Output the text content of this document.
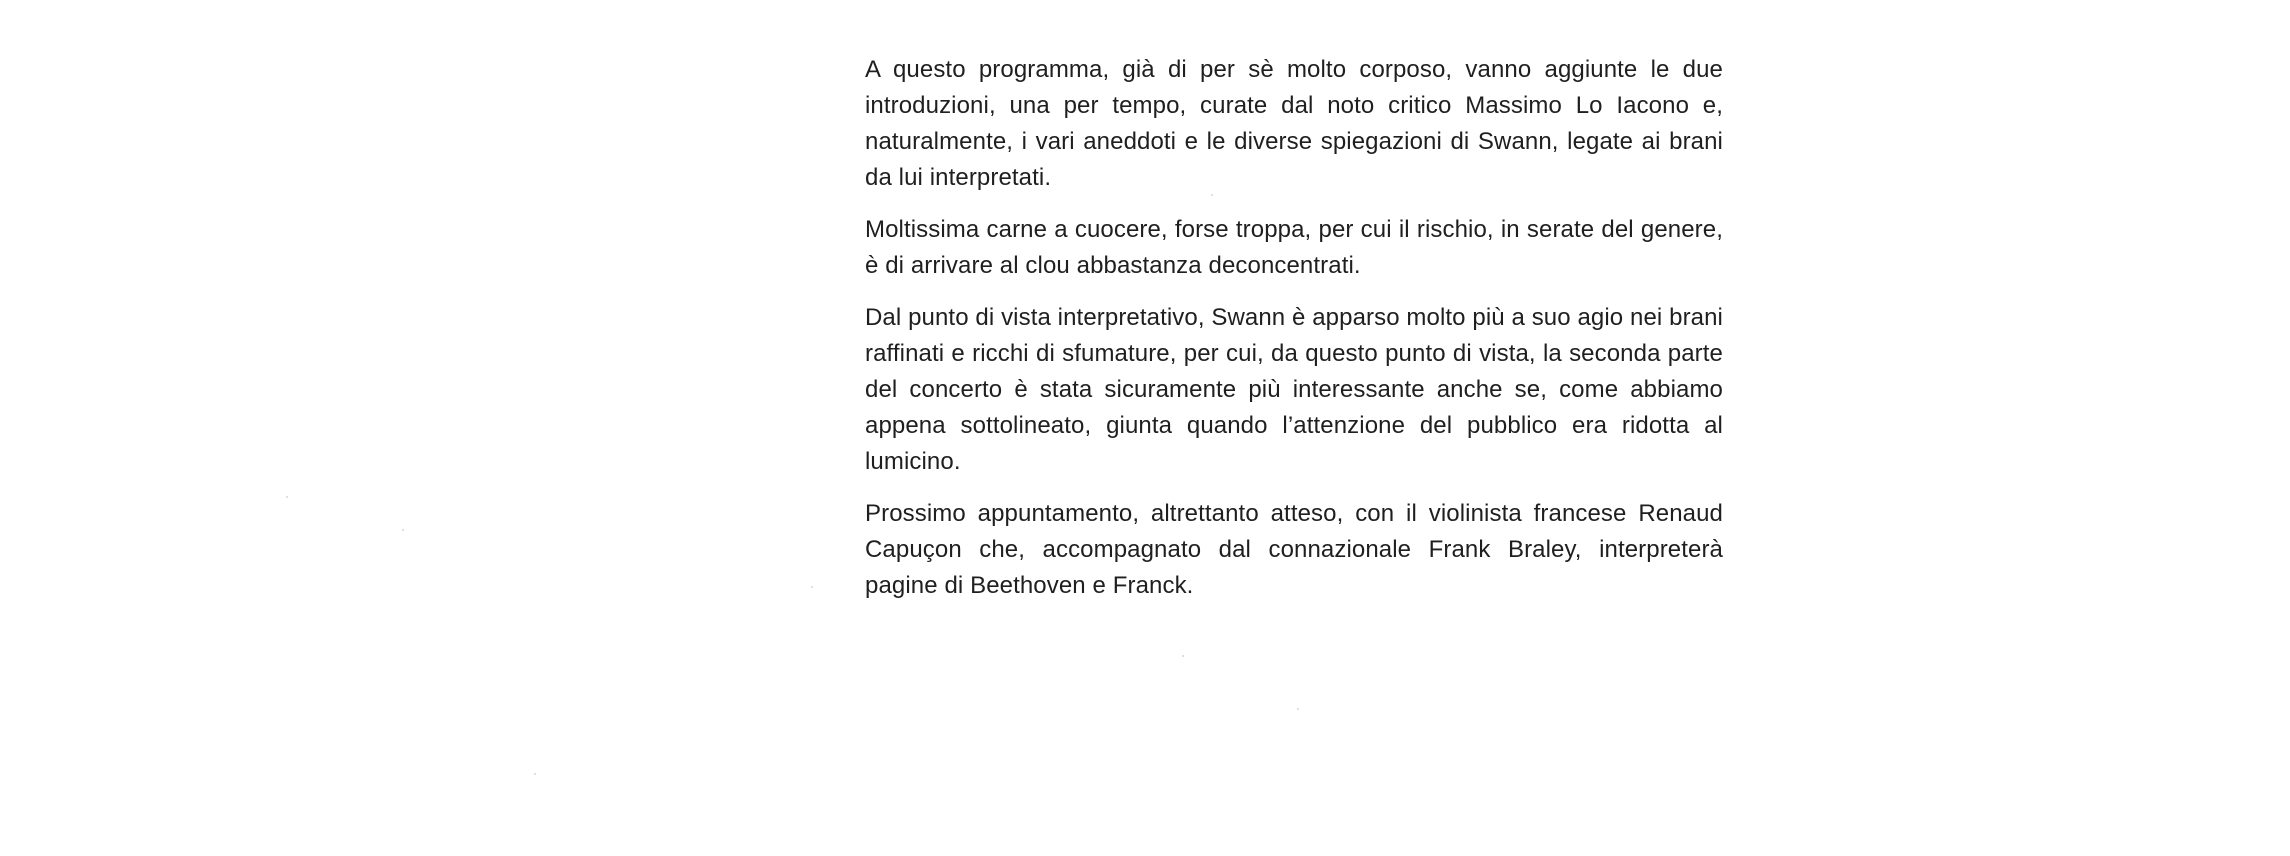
A questo programma, già di per sè molto corposo, vanno aggiunte le due introduzioni, una per tempo, curate dal noto critico Massimo Lo Iacono e, naturalmente, i vari aneddoti e le diverse spiegazioni di Swann, legate ai brani da lui interpretati.

Moltissima carne a cuocere, forse troppa, per cui il rischio, in serate del genere, è di arrivare al clou abbastanza deconcentrati.

Dal punto di vista interpretativo, Swann è apparso molto più a suo agio nei brani raffinati e ricchi di sfumature, per cui, da questo punto di vista, la seconda parte del concerto è stata sicuramente più interessante anche se, come abbiamo appena sottolineato, giunta quando l’attenzione del pubblico era ridotta al lumicino.

Prossimo appuntamento, altrettanto atteso, con il violinista francese Renaud Capuçon che, accompagnato dal connazionale Frank Braley, interpreterà pagine di Beethoven e Franck.
